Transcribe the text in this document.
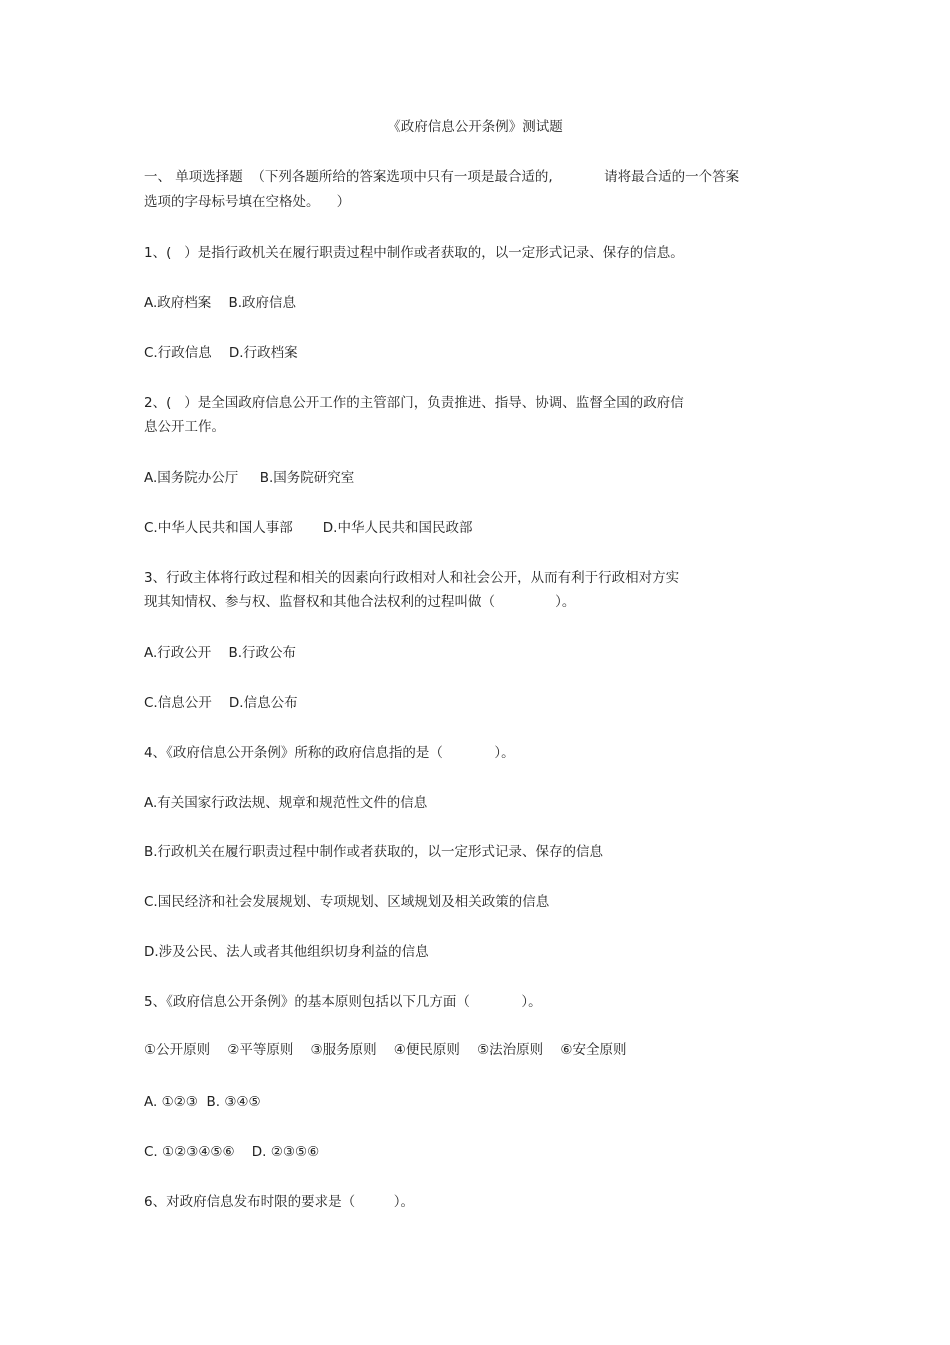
《政府信息公开条例》测试题
一、 单项选择题  （下列各题所给的答案选项中只有一项是最合适的,            请将最合适的一个答案
选项的字母标号填在空格处。    ）
1、(   ）是指行政机关在履行职责过程中制作或者获取的，以一定形式记录、保存的信息。
A.政府档案    B.政府信息
C.行政信息    D.行政档案
2、(   ）是全国政府信息公开工作的主管部门，负责推进、指导、协调、监督全国的政府信
息公开工作。
A.国务院办公厅     B.国务院研究室
C.中华人民共和国人事部       D.中华人民共和国民政部
3、行政主体将行政过程和相关的因素向行政相对人和社会公开，从而有利于行政相对方实
现其知情权、参与权、监督权和其他合法权利的过程叫做（              ）。
A.行政公开    B.行政公布
C.信息公开    D.信息公布
4、《政府信息公开条例》所称的政府信息指的是（            ）。
A.有关国家行政法规、规章和规范性文件的信息
B.行政机关在履行职责过程中制作或者获取的，以一定形式记录、保存的信息
C.国民经济和社会发展规划、专项规划、区域规划及相关政策的信息
D.涉及公民、法人或者其他组织切身利益的信息
5、《政府信息公开条例》的基本原则包括以下几方面（            ）。
①公开原则    ②平等原则    ③服务原则    ④便民原则    ⑤法治原则    ⑥安全原则
A. ①②③  B. ③④⑤
C. ①②③④⑤⑥    D. ②③⑤⑥
6、对政府信息发布时限的要求是（         ）。
